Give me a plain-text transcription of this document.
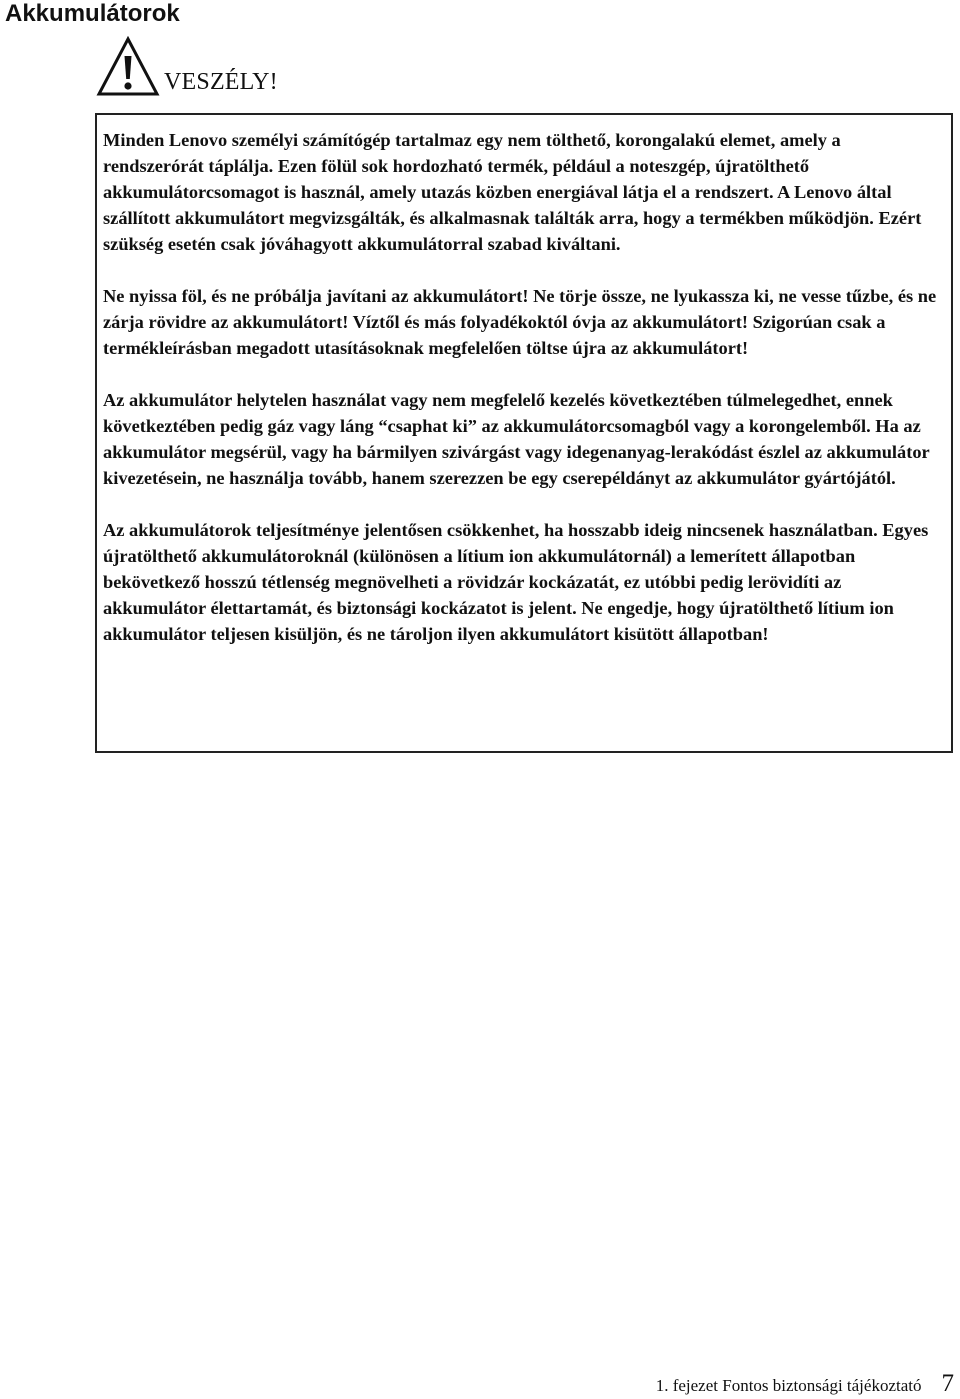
Akkumulátorok
VESZÉLY!

Minden Lenovo személyi számítógép tartalmaz egy nem tölthető, korongalakú elemet, amely a rendszerórát táplálja. Ezen fölül sok hordozható termék, például a noteszgép, újratölthető akkumulátorcsomagot is használ, amely utazás közben energiával látja el a rendszert. A Lenovo által szállított akkumulátort megvizsgálták, és alkalmasnak találták arra, hogy a termékben működjön. Ezért szükség esetén csak jóváhagyott akkumulátorral szabad kiváltani.

Ne nyissa föl, és ne próbálja javítani az akkumulátort! Ne törje össze, ne lyukassza ki, ne vesse tűzbe, és ne zárja rövidre az akkumulátort! Víztől és más folyadékoktól óvja az akkumulátort! Szigorúan csak a termékleírásban megadott utasításoknak megfelelően töltse újra az akkumulátort!

Az akkumulátor helytelen használat vagy nem megfelelő kezelés következtében túlmelegedhet, ennek következtében pedig gáz vagy láng “csaphat ki” az akkumulátorcsomagból vagy a korongelemből. Ha az akkumulátor megsérül, vagy ha bármilyen szivárgást vagy idegenanyag-lerakódást észlel az akkumulátor kivezetésein, ne használja tovább, hanem szerezzen be egy cserepéldányt az akkumulátor gyártójától.

Az akkumulátorok teljesítménye jelentősen csökkenhet, ha hosszabb ideig nincsenek használatban. Egyes újratölthető akkumulátoroknál (különösen a lítium ion akkumulátornál) a lemerített állapotban bekövetkező hosszú tétlenség megnövelheti a rövidzár kockázatát, ez utóbbi pedig lerövidíti az akkumulátor élettartamát, és biztonsági kockázatot is jelent. Ne engedje, hogy újratölthető lítium ion akkumulátor teljesen kisüljön, és ne tároljon ilyen akkumulátort kisütött állapotban!

1. fejezet Fontos biztonsági tájékoztató 7
